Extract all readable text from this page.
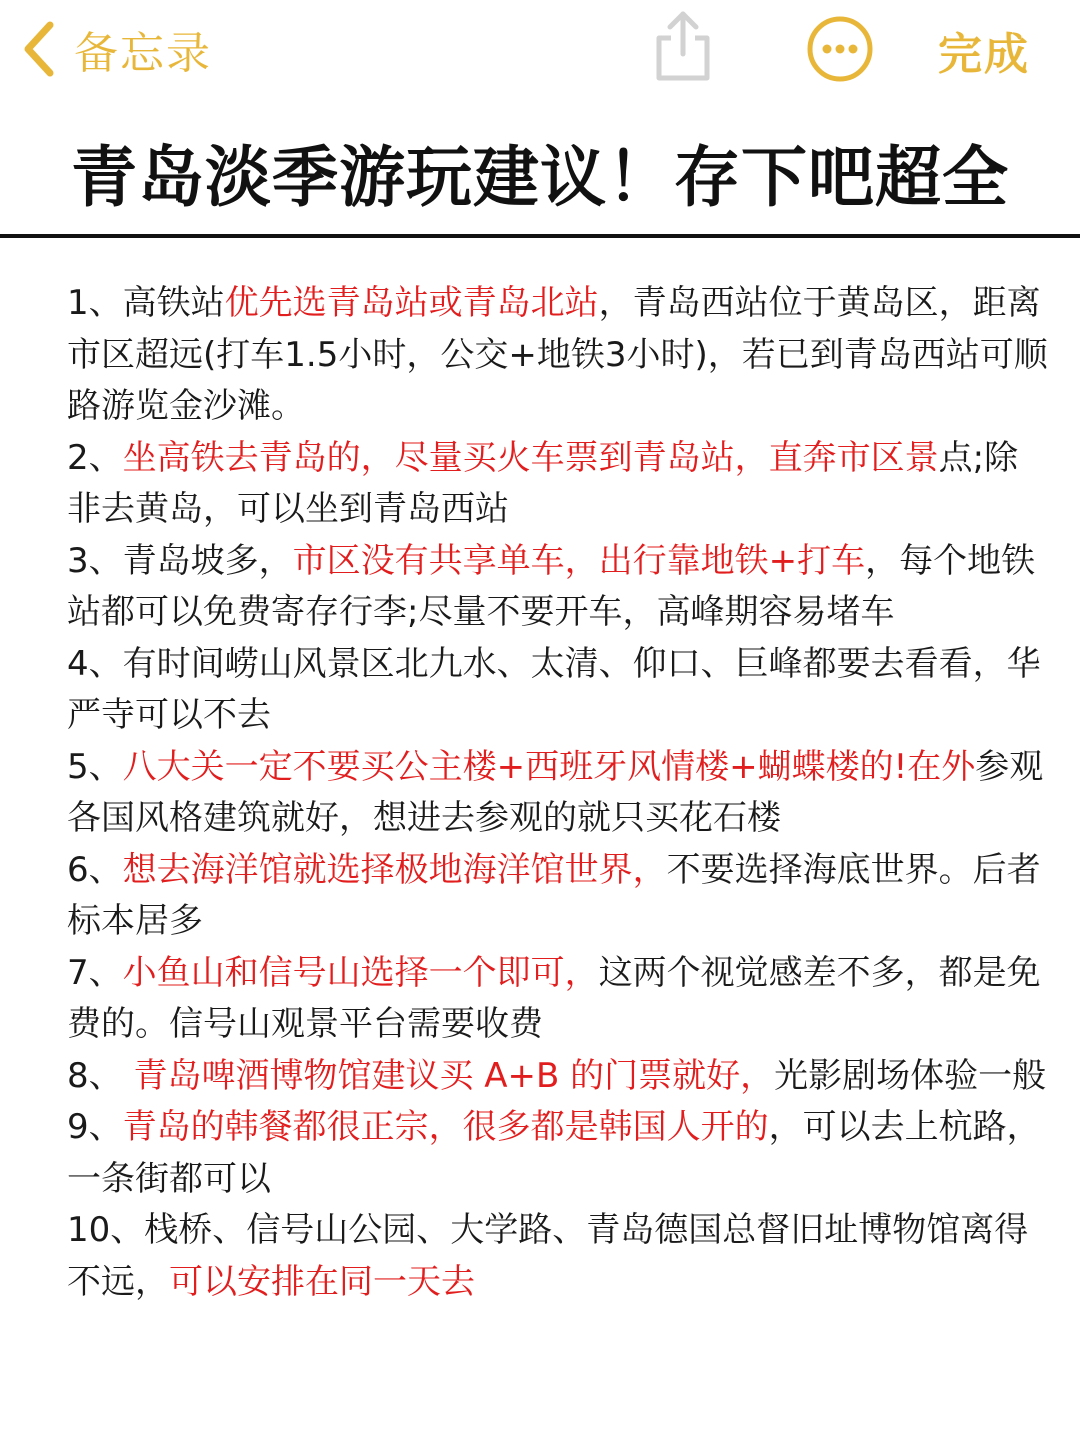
备忘录	完成
青岛淡季游玩建议！存下吧超全

1、高铁站优先选青岛站或青岛北站，青岛西站位于黄岛区，距离市区超远(打车1.5小时，公交+地铁3小时)，若已到青岛西站可顺路游览金沙滩。

2、坐高铁去青岛的，尽量买火车票到青岛站，直奔市区景点;除非去黄岛，可以坐到青岛西站

3、青岛坡多，市区没有共享单车，出行靠地铁+打车，每个地铁站都可以免费寄存行李;尽量不要开车，高峰期容易堵车

4、有时间崂山风景区北九水、太清、仰口、巨峰都要去看看，华严寺可以不去

5、八大关一定不要买公主楼+西班牙风情楼+蝴蝶楼的!在外参观各国风格建筑就好，想进去参观的就只买花石楼

6、想去海洋馆就选择极地海洋馆世界，不要选择海底世界。后者标本居多

7、小鱼山和信号山选择一个即可，这两个视觉感差不多，都是免费的。信号山观景平台需要收费

8、 青岛啤酒博物馆建议买 A+B 的门票就好，光影剧场体验一般

9、青岛的韩餐都很正宗，很多都是韩国人开的，可以去上杭路，一条街都可以

10、栈桥、信号山公园、大学路、青岛德国总督旧址博物馆离得不远，可以安排在同一天去
